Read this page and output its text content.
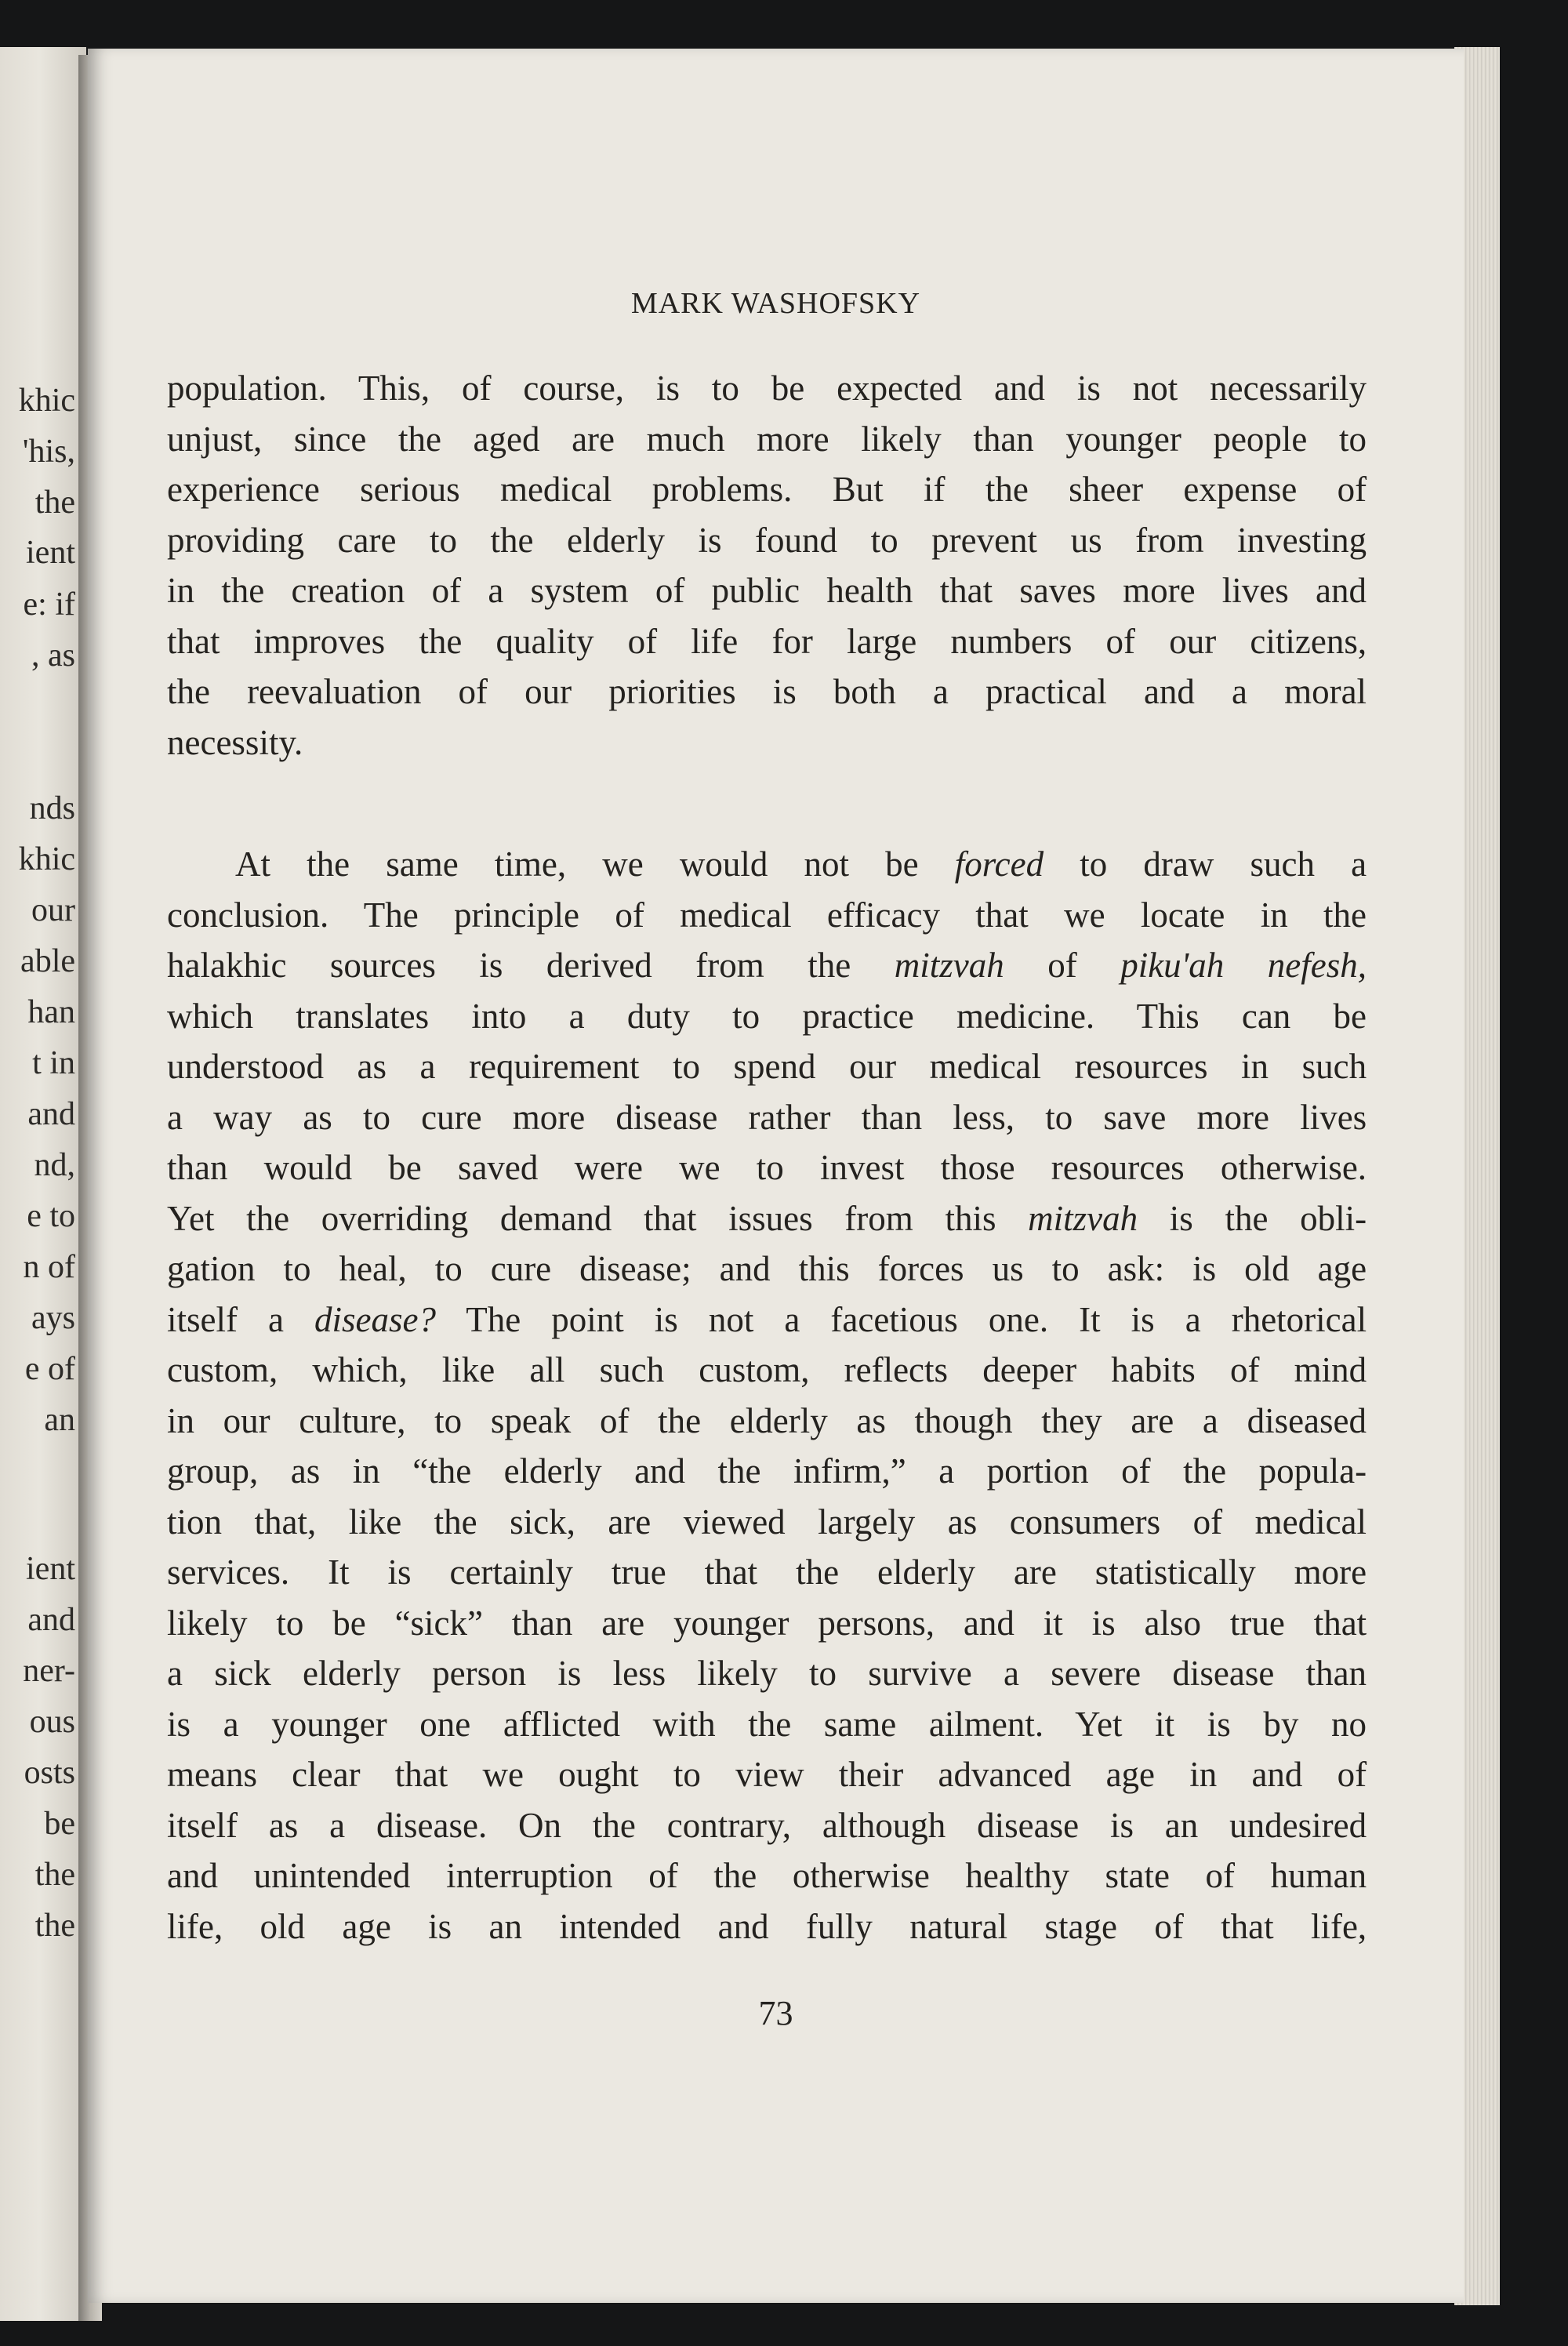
khic
'his,
the
ient
e: if
, as
nds
khic
our
able
han
t in
and
nd,
e to
n of
ays
e of
an
ient
and
ner-
ous
osts
be
the
the
MARK WASHOFSKY
population. This, of course, is to be expected and is not necessarily
unjust, since the aged are much more likely than younger people to
experience serious medical problems. But if the sheer expense of
providing care to the elderly is found to prevent us from investing
in the creation of a system of public health that saves more lives and
that improves the quality of life for large numbers of our citizens,
the reevaluation of our priorities is both a practical and a moral
necessity.
At the same time, we would not be forced to draw such a
conclusion. The principle of medical efficacy that we locate in the
halakhic sources is derived from the mitzvah of piku'ah nefesh,
which translates into a duty to practice medicine. This can be
understood as a requirement to spend our medical resources in such
a way as to cure more disease rather than less, to save more lives
than would be saved were we to invest those resources otherwise.
Yet the overriding demand that issues from this mitzvah is the obli-
gation to heal, to cure disease; and this forces us to ask: is old age
itself a disease? The point is not a facetious one. It is a rhetorical
custom, which, like all such custom, reflects deeper habits of mind
in our culture, to speak of the elderly as though they are a diseased
group, as in “the elderly and the infirm,” a portion of the popula-
tion that, like the sick, are viewed largely as consumers of medical
services. It is certainly true that the elderly are statistically more
likely to be “sick” than are younger persons, and it is also true that
a sick elderly person is less likely to survive a severe disease than
is a younger one afflicted with the same ailment. Yet it is by no
means clear that we ought to view their advanced age in and of
itself as a disease. On the contrary, although disease is an undesired
and unintended interruption of the otherwise healthy state of human
life, old age is an intended and fully natural stage of that life,
73
